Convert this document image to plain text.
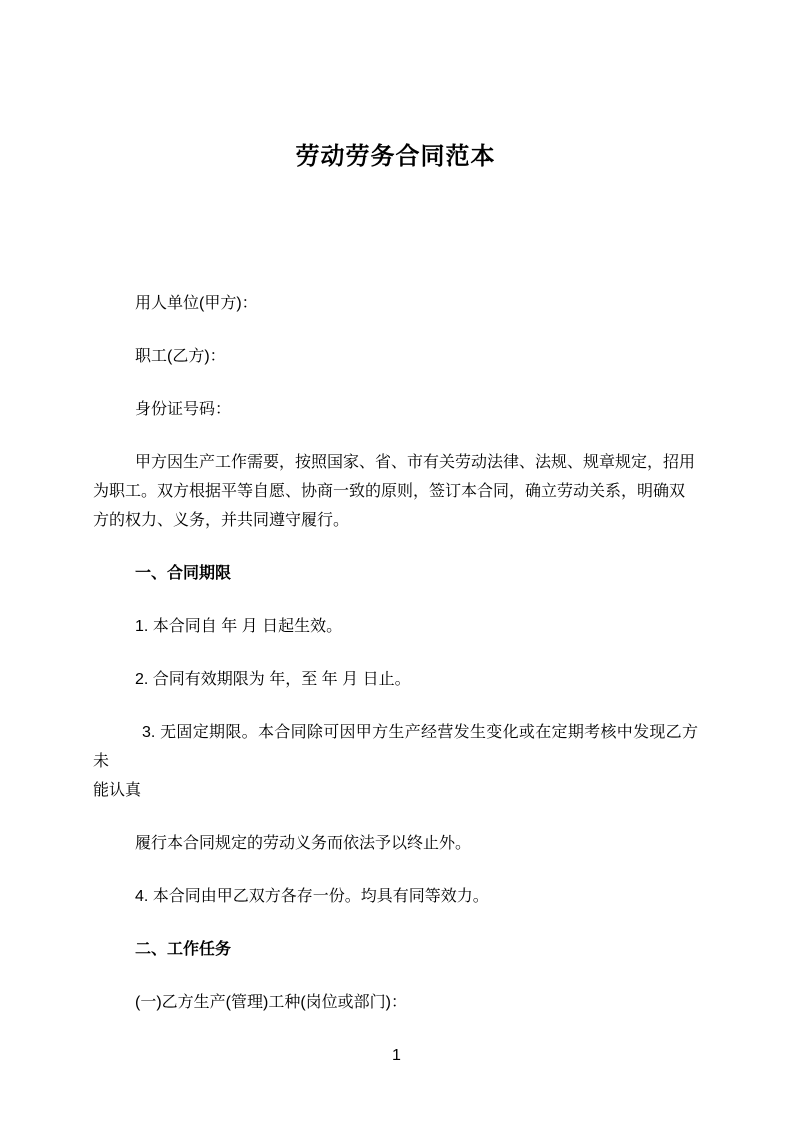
劳动劳务合同范本

用人单位(甲方)：

职工(乙方)：

身份证号码：

甲方因生产工作需要，按照国家、省、市有关劳动法律、法规、规章规定，招用
为职工。双方根据平等自愿、协商一致的原则，签订本合同，确立劳动关系，明确双
方的权力、义务，并共同遵守履行。

一、合同期限

1. 本合同自 年 月 日起生效。

2. 合同有效期限为 年，至 年 月 日止。

3. 无固定期限。本合同除可因甲方生产经营发生变化或在定期考核中发现乙方未
能认真

履行本合同规定的劳动义务而依法予以终止外。

4. 本合同由甲乙双方各存一份。均具有同等效力。

二、工作任务

(一)乙方生产(管理)工种(岗位或部门)：

1
